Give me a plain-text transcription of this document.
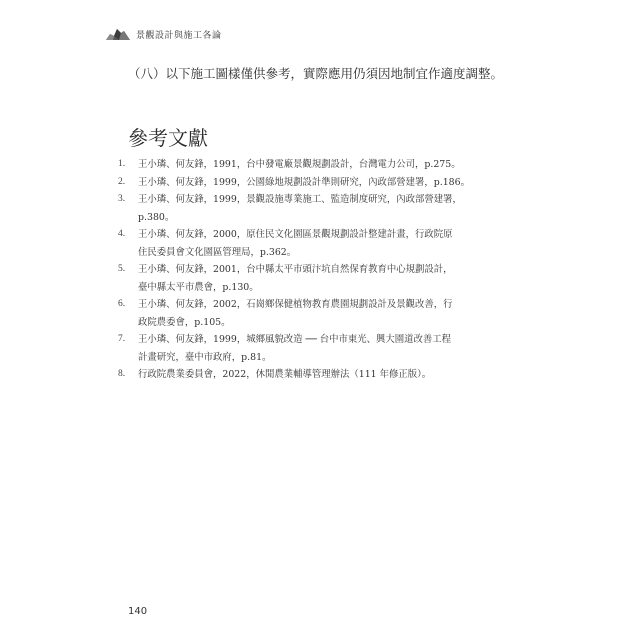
景觀設計與施工各論
（八）以下施工圖樣僅供參考，實際應用仍須因地制宜作適度調整。
參考文獻
1.	王小璘、何友鋒，1991，台中發電廠景觀規劃設計，台灣電力公司，p.275。
2.	王小璘、何友鋒，1999，公園綠地規劃設計準則研究，內政部營建署，p.186。
3.	王小璘、何友鋒，1999，景觀設施專業施工、監造制度研究，內政部營建署，
p.380。
4.	王小璘、何友鋒，2000，原住民文化園區景觀規劃設計整建計畫，行政院原
住民委員會文化園區管理局，p.362。
5.	王小璘、何友鋒，2001，台中縣太平市頭汴坑自然保育教育中心規劃設計，
臺中縣太平市農會，p.130。
6.	王小璘、何友鋒，2002，石崗鄉保健植物教育農園規劃設計及景觀改善，行
政院農委會，p.105。
7.	王小璘、何友鋒，1999，城鄉風貌改造 ── 台中市東光、興大園道改善工程
計畫研究，臺中市政府，p.81。
8.	行政院農業委員會，2022，休閒農業輔導管理辦法（111 年修正版）。
140
